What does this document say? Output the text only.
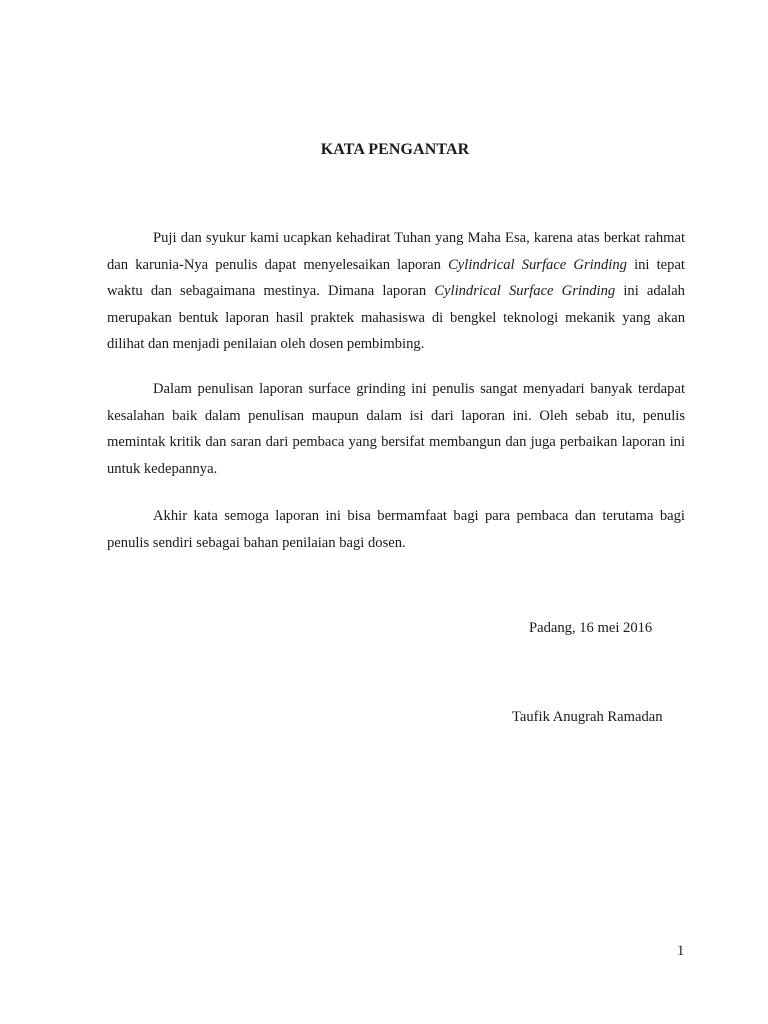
KATA PENGANTAR

Puji dan syukur kami ucapkan kehadirat Tuhan yang Maha Esa, karena atas berkat rahmat dan karunia-Nya penulis dapat menyelesaikan laporan Cylindrical Surface Grinding ini tepat waktu dan sebagaimana mestinya. Dimana laporan Cylindrical Surface Grinding ini adalah merupakan bentuk laporan hasil praktek mahasiswa di bengkel teknologi mekanik yang akan dilihat dan menjadi penilaian oleh dosen pembimbing.

Dalam penulisan laporan surface grinding ini penulis sangat menyadari banyak terdapat kesalahan baik dalam penulisan maupun dalam isi dari laporan ini. Oleh sebab itu, penulis memintak kritik dan saran dari pembaca yang bersifat membangun dan juga perbaikan laporan ini untuk kedepannya.

Akhir kata semoga laporan ini bisa bermamfaat bagi para pembaca dan terutama bagi penulis sendiri sebagai bahan penilaian bagi dosen.

Padang, 16 mei 2016

Taufik Anugrah Ramadan

1
